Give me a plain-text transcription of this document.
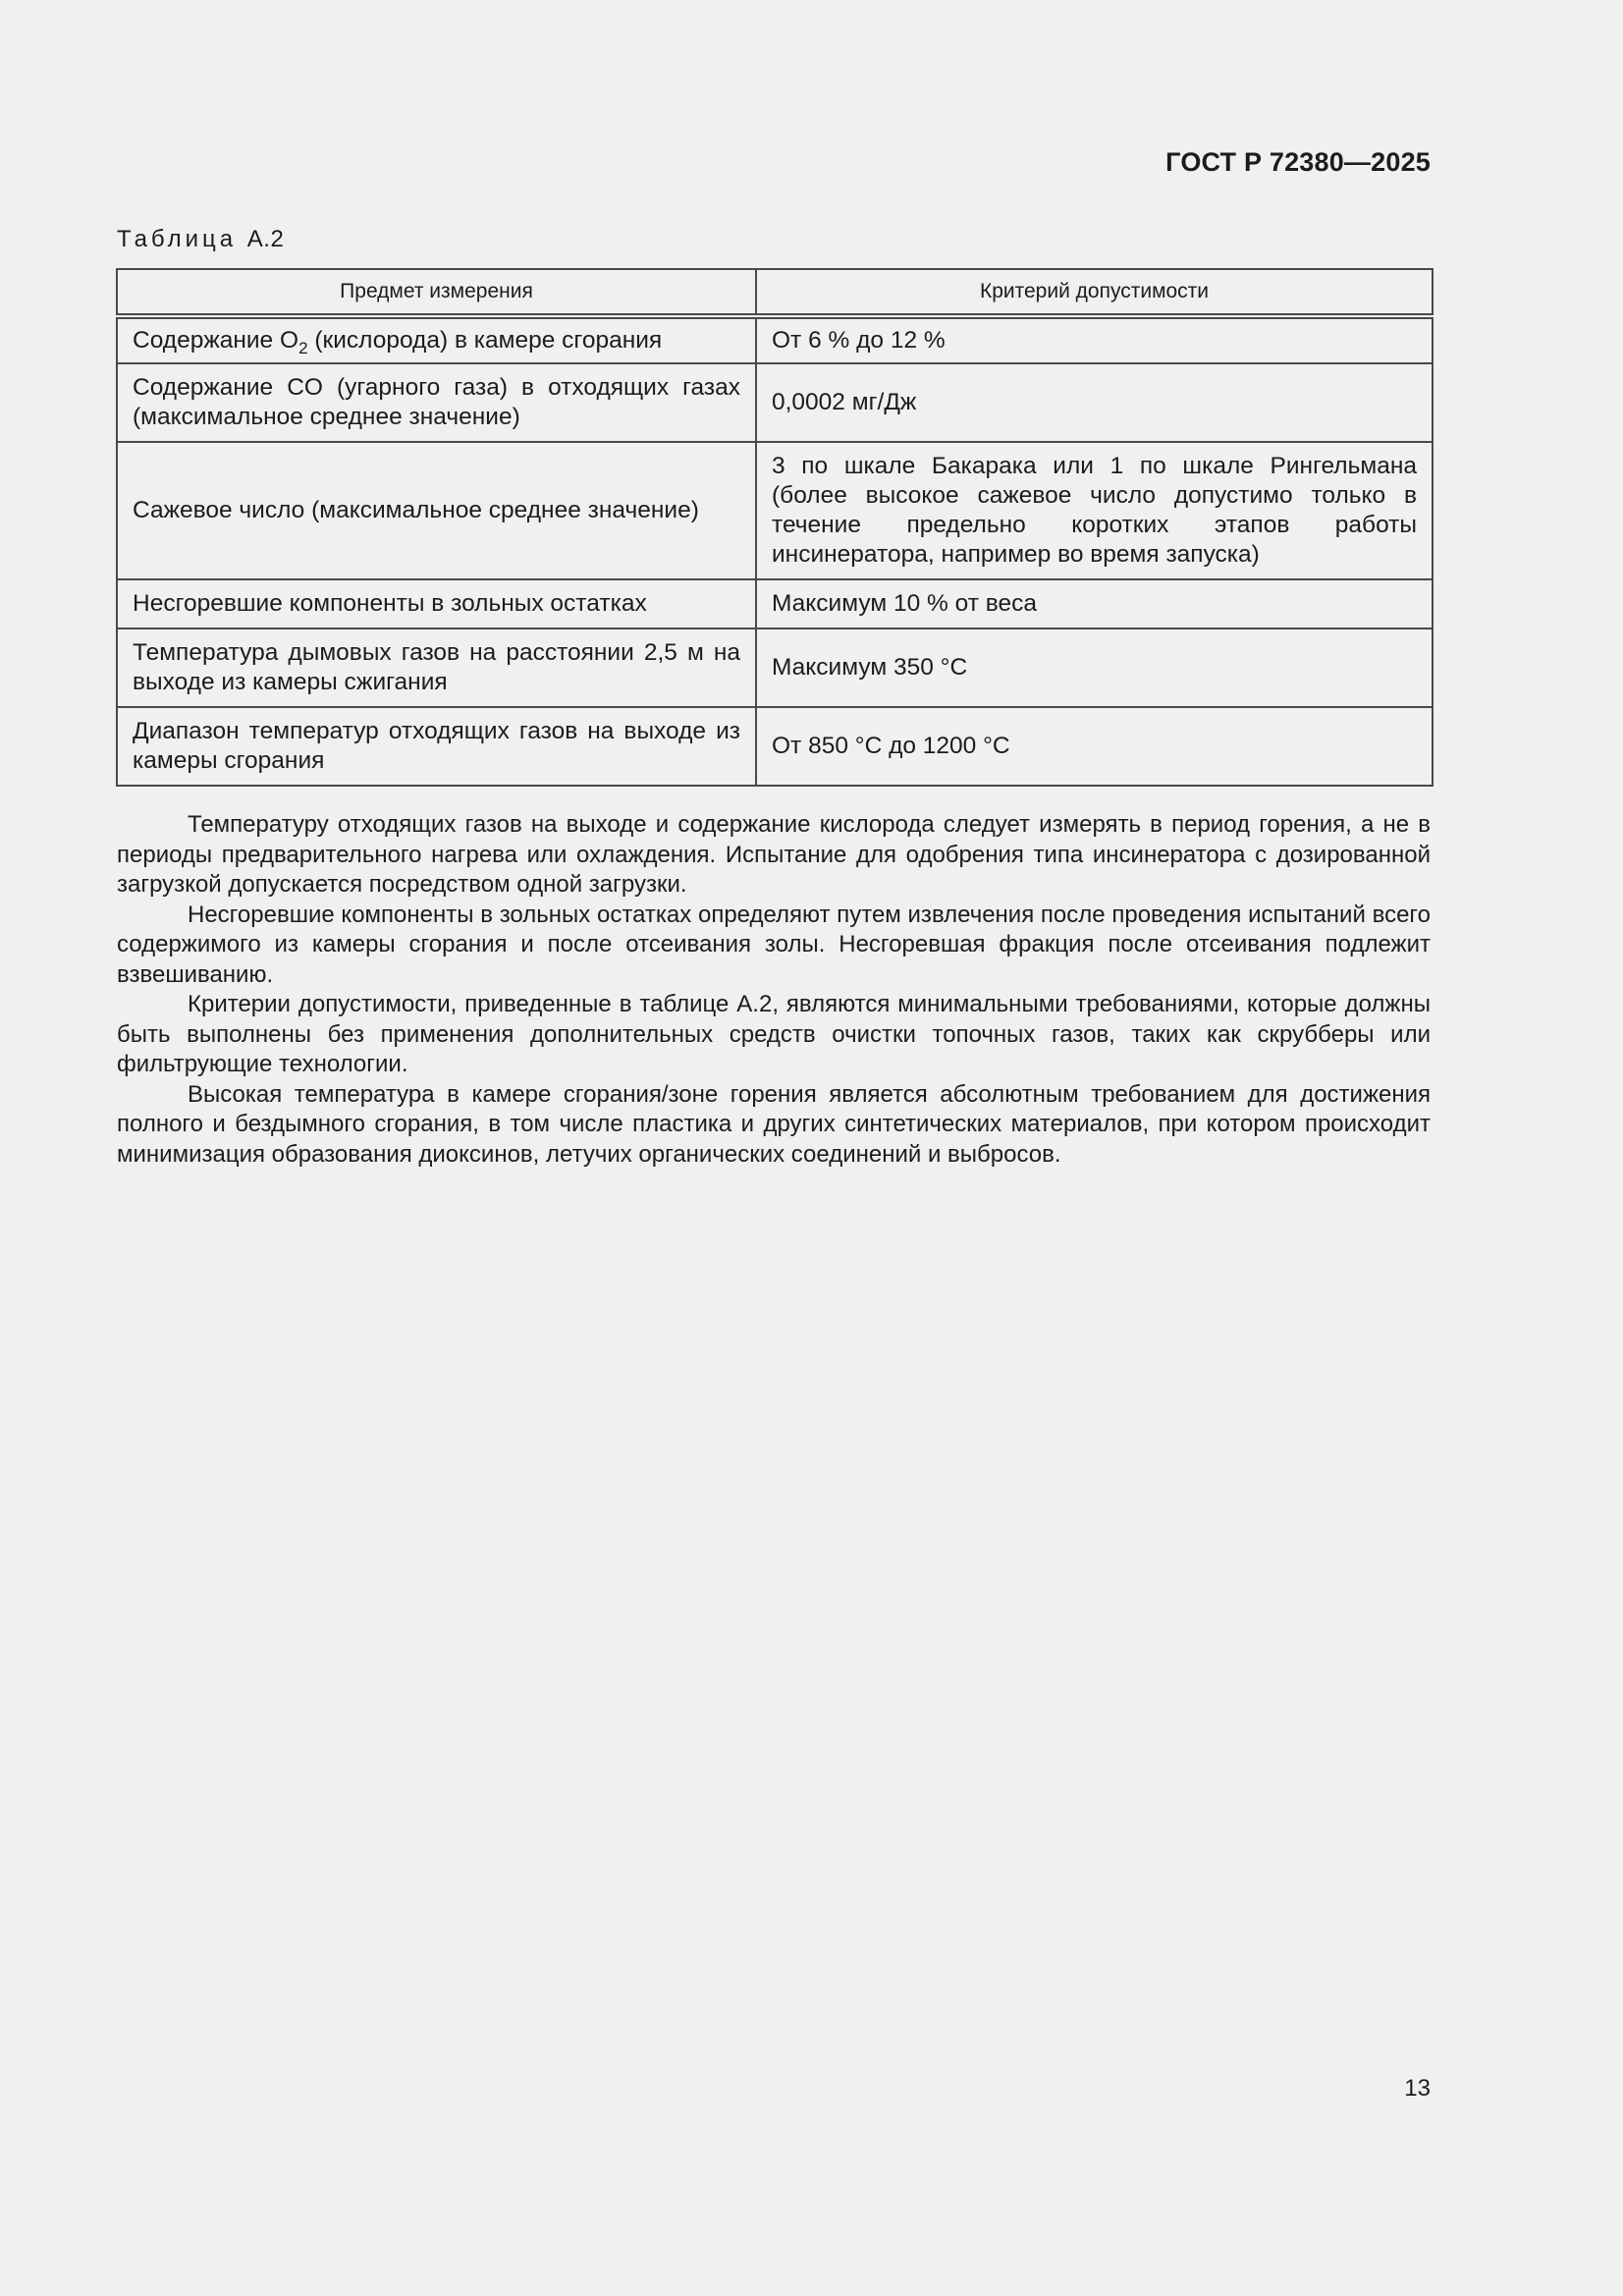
ГОСТ Р 72380—2025
Таблица А.2
Предмет измерения	Критерий допустимости
Содержание $O_2$ (кислорода) в камере сгорания	От 6 % до 12 %
Содержание CO (угарного газа) в отходящих газах (максимальное среднее значение)	0,0002 мг/Дж
Сажевое число (максимальное среднее значение)	3 по шкале Бакарака или 1 по шкале Рингельмана (более высокое сажевое число допустимо только в течение предельно коротких этапов работы инсинератора, например во время запуска)
Несгоревшие компоненты в зольных остатках	Максимум 10 % от веса
Температура дымовых газов на расстоянии 2,5 м на выходе из камеры сжигания	Максимум 350 °C
Диапазон температур отходящих газов на выходе из камеры сгорания	От 850 °C до 1200 °C

Температуру отходящих газов на выходе и содержание кислорода следует измерять в период горения, а не в периоды предварительного нагрева или охлаждения. Испытание для одобрения типа инсинератора с дозированной загрузкой допускается посредством одной загрузки.

Несгоревшие компоненты в зольных остатках определяют путем извлечения после проведения испытаний всего содержимого из камеры сгорания и после отсеивания золы. Несгоревшая фракция после отсеивания подлежит взвешиванию.

Критерии допустимости, приведенные в таблице А.2, являются минимальными требованиями, которые должны быть выполнены без применения дополнительных средств очистки топочных газов, таких как скрубберы или фильтрующие технологии.

Высокая температура в камере сгорания/зоне горения является абсолютным требованием для достижения полного и бездымного сгорания, в том числе пластика и других синтетических материалов, при котором происходит минимизация образования диоксинов, летучих органических соединений и выбросов.

13
